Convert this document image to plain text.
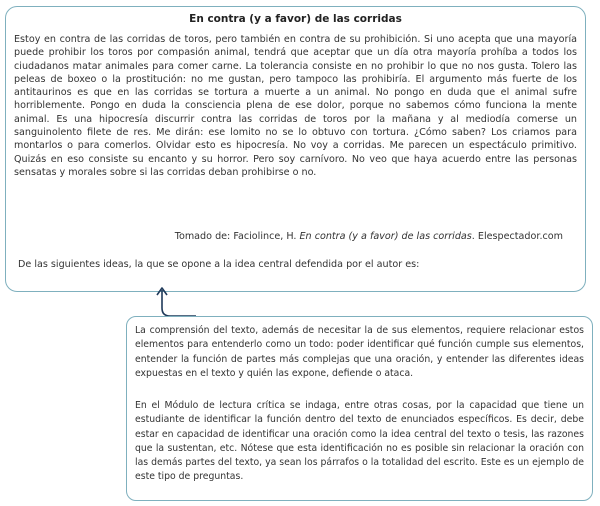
En contra (y a favor) de las corridas
Estoy en contra de las corridas de toros, pero también en contra de su prohibición. Si uno acepta que una mayoría puede prohibir los toros por compasión animal, tendrá que aceptar que un día otra mayoría prohíba a todos los ciudadanos matar animales para comer carne. La tolerancia consiste en no prohibir lo que no nos gusta. Tolero las peleas de boxeo o la prostitución: no me gustan, pero tampoco las prohibiría. El argumento más fuerte de los antitaurinos es que en las corridas se tortura a muerte a un animal. No pongo en duda que el animal sufre horriblemente. Pongo en duda la consciencia plena de ese dolor, porque no sabemos cómo funciona la mente animal. Es una hipocresía discurrir contra las corridas de toros por la mañana y al mediodía comerse un sanguinolento filete de res. Me dirán: ese lomito no se lo obtuvo con tortura. ¿Cómo saben? Los criamos para montarlos o para comerlos. Olvidar esto es hipocresía. No voy a corridas. Me parecen un espectáculo primitivo. Quizás en eso consiste su encanto y su horror. Pero soy carnívoro. No veo que haya acuerdo entre las personas sensatas y morales sobre si las corridas deban prohibirse o no.
Tomado de: Faciolince, H. En contra (y a favor) de las corridas. Elespectador.com
De las siguientes ideas, la que se opone a la idea central defendida por el autor es:
La comprensión del texto, además de necesitar la de sus elementos, requiere relacionar estos elementos para entenderlo como un todo: poder identificar qué función cumple sus elementos, entender la función de partes más complejas que una oración, y entender las diferentes ideas expuestas en el texto y quién las expone, defiende o ataca.
En el Módulo de lectura crítica se indaga, entre otras cosas, por la capacidad que tiene un estudiante de identificar la función dentro del texto de enunciados específicos. Es decir, debe estar en capacidad de identificar una oración como la idea central del texto o tesis, las razones que la sustentan, etc. Nótese que esta identificación no es posible sin relacionar la oración con las demás partes del texto, ya sean los párrafos o la totalidad del escrito. Este es un ejemplo de este tipo de preguntas.
